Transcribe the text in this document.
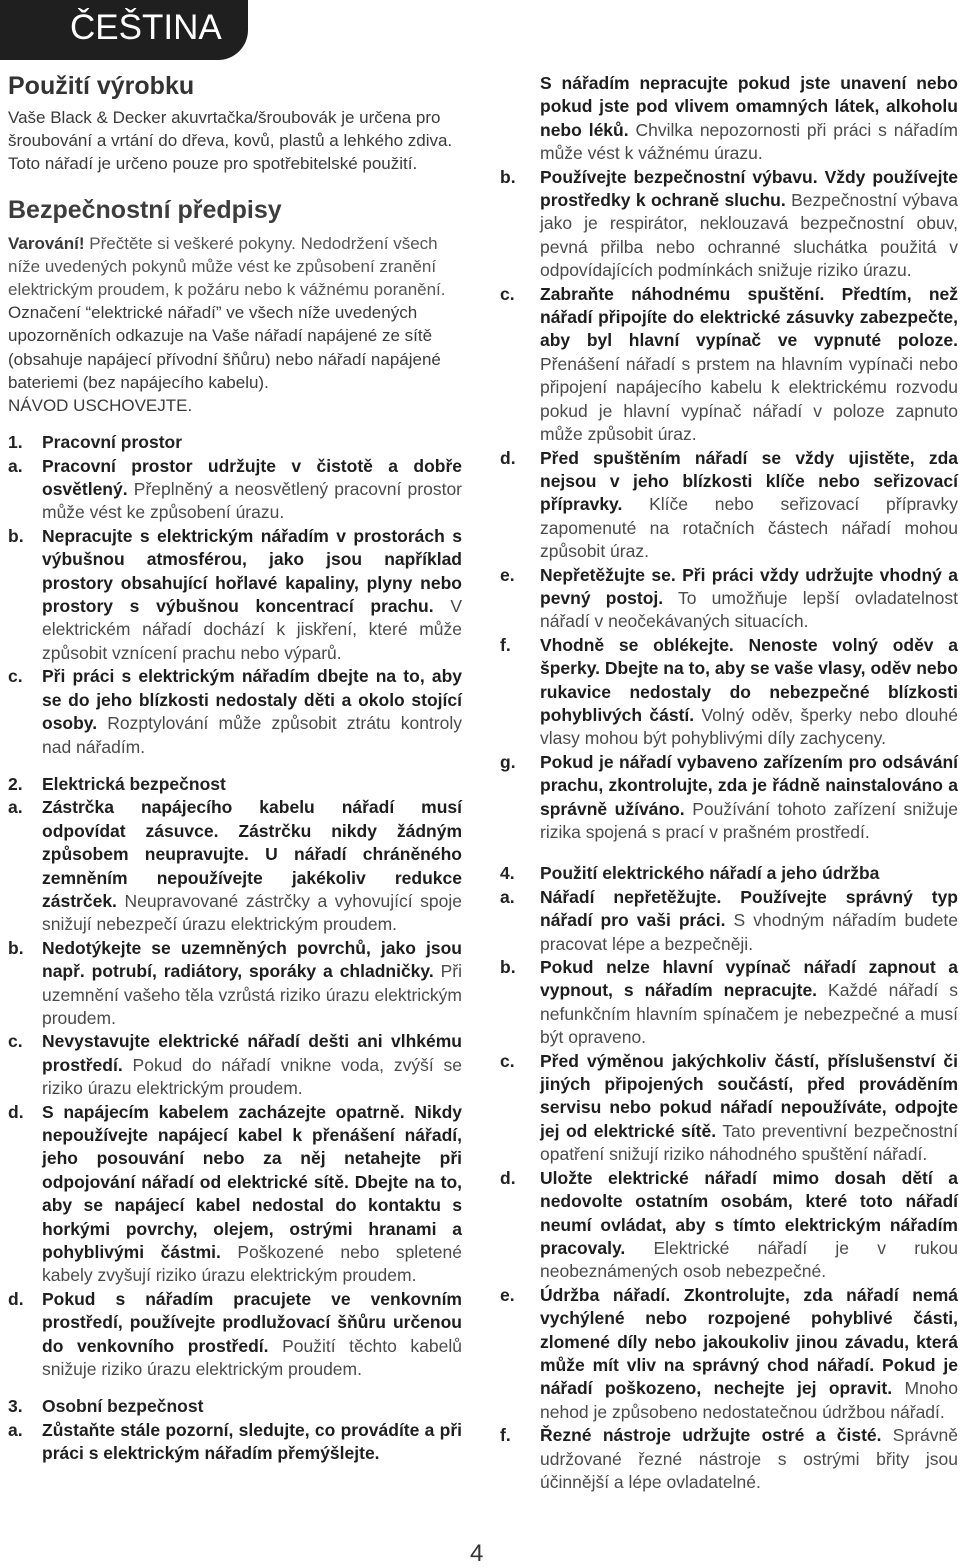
ČEŠTINA
Použití výrobku

Vaše Black & Decker akuvrtačka/šroubovák je určena pro šroubování a vrtání do dřeva, kovů, plastů a lehkého zdiva.

Toto nářadí je určeno pouze pro spotřebitelské použití.

Bezpečnostní předpisy

Varování! Přečtěte si veškeré pokyny. Nedodržení všech níže uvedených pokynů může vést ke způsobení zranění elektrickým proudem, k požáru nebo k vážnému poranění.

Označení “elektrické nářadí” ve všech níže uvedených upozorněních odkazuje na Vaše nářadí napájené ze sítě (obsahuje napájecí přívodní šňůru) nebo nářadí napájené bateriemi (bez napájecího kabelu).

NÁVOD USCHOVEJTE.

1. Pracovní prostor
a. Pracovní prostor udržujte v čistotě a dobře osvětlený. Přeplněný a neosvětlený pracovní prostor může vést ke způsobení úrazu.
b. Nepracujte s elektrickým nářadím v prostorách s výbušnou atmosférou, jako jsou například prostory obsahující hořlavé kapaliny, plyny nebo prostory s výbušnou koncentrací prachu. V elektrickém nářadí dochází k jiskření, které může způsobit vznícení prachu nebo výparů.
c. Při práci s elektrickým nářadím dbejte na to, aby se do jeho blízkosti nedostaly děti a okolo stojící osoby. Rozptylování může způsobit ztrátu kontroly nad nářadím.
2. Elektrická bezpečnost
a. Zástrčka napájecího kabelu nářadí musí odpovídat zásuvce. Zástrčku nikdy žádným způsobem neupravujte. U nářadí chráněného zemněním nepoužívejte jakékoliv redukce zástrček. Neupravované zástrčky a vyhovující spoje snižují nebezpečí úrazu elektrickým proudem.
b. Nedotýkejte se uzemněných povrchů, jako jsou např. potrubí, radiátory, sporáky a chladničky. Při uzemnění vašeho těla vzrůstá riziko úrazu elektrickým proudem.
c. Nevystavujte elektrické nářadí dešti ani vlhkému prostředí. Pokud do nářadí vnikne voda, zvýší se riziko úrazu elektrickým proudem.
d. S napájecím kabelem zacházejte opatrně. Nikdy nepoužívejte napájecí kabel k přenášení nářadí, jeho posouvání nebo za něj netahejte při odpojování nářadí od elektrické sítě. Dbejte na to, aby se napájecí kabel nedostal do kontaktu s horkými povrchy, olejem, ostrými hranami a pohyblivými částmi. Poškozené nebo spletené kabely zvyšují riziko úrazu elektrickým proudem.
d. Pokud s nářadím pracujete ve venkovním prostředí, používejte prodlužovací šňůru určenou do venkovního prostředí. Použití těchto kabelů snižuje riziko úrazu elektrickým proudem.
3. Osobní bezpečnost
a. Zůstaňte stále pozorní, sledujte, co provádíte a při práci s elektrickým nářadím přemýšlejte.
S nářadím nepracujte pokud jste unavení nebo pokud jste pod vlivem omamných látek, alkoholu nebo léků. Chvilka nepozornosti při práci s nářadím může vést k vážnému úrazu.
b. Používejte bezpečnostní výbavu. Vždy používejte prostředky k ochraně sluchu. Bezpečnostní výbava jako je respirátor, neklouzavá bezpečnostní obuv, pevná přilba nebo ochranné sluchátka použitá v odpovídajících podmínkách snižuje riziko úrazu.
c. Zabraňte náhodnému spuštění. Předtím, než nářadí připojíte do elektrické zásuvky zabezpečte, aby byl hlavní vypínač ve vypnuté poloze. Přenášení nářadí s prstem na hlavním vypínači nebo připojení napájecího kabelu k elektrickému rozvodu pokud je hlavní vypínač nářadí v poloze zapnuto může způsobit úraz.
d. Před spuštěním nářadí se vždy ujistěte, zda nejsou v jeho blízkosti klíče nebo seřizovací přípravky. Klíče nebo seřizovací přípravky zapomenuté na rotačních částech nářadí mohou způsobit úraz.
e. Nepřetěžujte se. Při práci vždy udržujte vhodný a pevný postoj. To umožňuje lepší ovladatelnost nářadí v neočekávaných situacích.
f. Vhodně se oblékejte. Nenoste volný oděv a šperky. Dbejte na to, aby se vaše vlasy, oděv nebo rukavice nedostaly do nebezpečné blízkosti pohyblivých částí. Volný oděv, šperky nebo dlouhé vlasy mohou být pohyblivými díly zachyceny.
g. Pokud je nářadí vybaveno zařízením pro odsávání prachu, zkontrolujte, zda je řádně nainstalováno a správně užíváno. Používání tohoto zařízení snižuje rizika spojená s prací v prašném prostředí.
4. Použití elektrického nářadí a jeho údržba
a. Nářadí nepřetěžujte. Používejte správný typ nářadí pro vaši práci. S vhodným nářadím budete pracovat lépe a bezpečněji.
b. Pokud nelze hlavní vypínač nářadí zapnout a vypnout, s nářadím nepracujte. Každé nářadí s nefunkčním hlavním spínačem je nebezpečné a musí být opraveno.
c. Před výměnou jakýchkoliv částí, příslušenství či jiných připojených součástí, před prováděním servisu nebo pokud nářadí nepoužíváte, odpojte jej od elektrické sítě. Tato preventivní bezpečnostní opatření snižují riziko náhodného spuštění nářadí.
d. Uložte elektrické nářadí mimo dosah dětí a nedovolte ostatním osobám, které toto nářadí neumí ovládat, aby s tímto elektrickým nářadím pracovaly. Elektrické nářadí je v rukou neobeznámených osob nebezpečné.
e. Údržba nářadí. Zkontrolujte, zda nářadí nemá vychýlené nebo rozpojené pohyblivé části, zlomené díly nebo jakoukoliv jinou závadu, která může mít vliv na správný chod nářadí. Pokud je nářadí poškozeno, nechejte jej opravit. Mnoho nehod je způsobeno nedostatečnou údržbou nářadí.
f. Řezné nástroje udržujte ostré a čisté. Správně udržované řezné nástroje s ostrými břity jsou účinnější a lépe ovladatelné.
4
